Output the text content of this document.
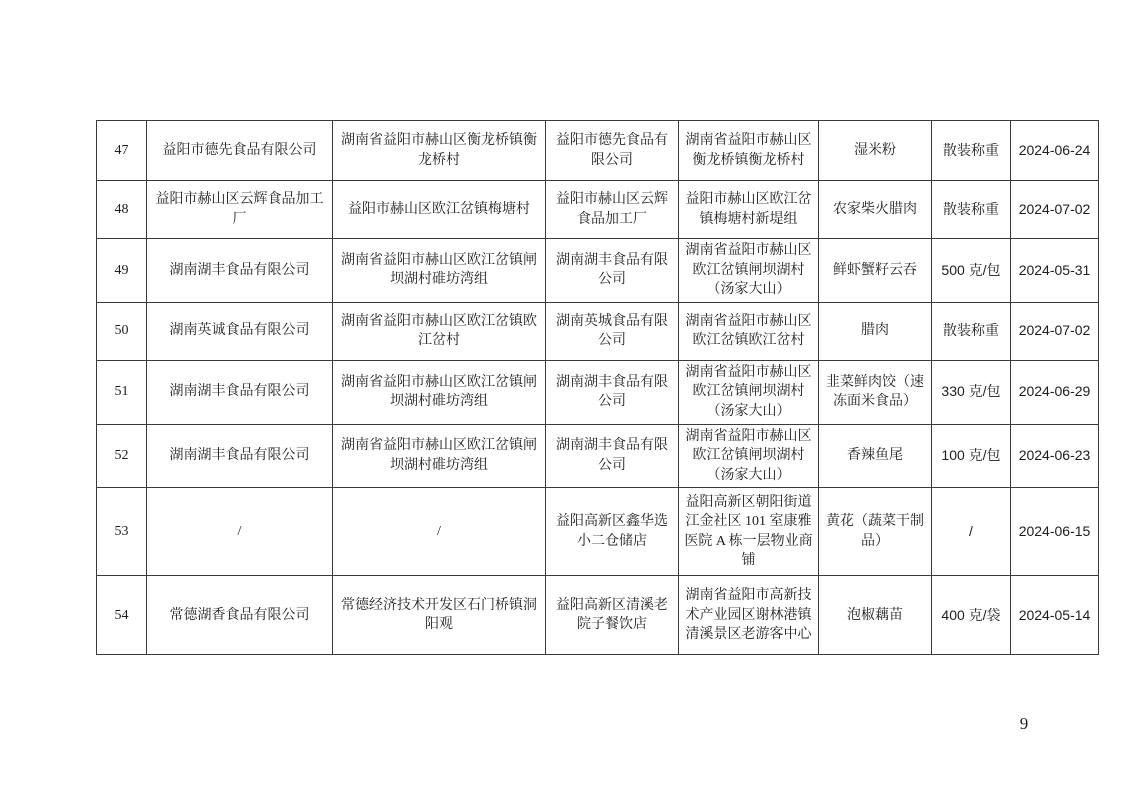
47	益阳市德先食品有限公司	湖南省益阳市赫山区衡龙桥镇衡龙桥村	益阳市德先食品有限公司	湖南省益阳市赫山区衡龙桥镇衡龙桥村	湿米粉	散装称重	2024-06-24
48	益阳市赫山区云辉食品加工厂	益阳市赫山区欧江岔镇梅塘村	益阳市赫山区云辉食品加工厂	益阳市赫山区欧江岔镇梅塘村新堤组	农家柴火腊肉	散装称重	2024-07-02
49	湖南湖丰食品有限公司	湖南省益阳市赫山区欧江岔镇闸坝湖村碓坊湾组	湖南湖丰食品有限公司	湖南省益阳市赫山区欧江岔镇闸坝湖村（汤家大山）	鲜虾蟹籽云吞	500 克/包	2024-05-31
50	湖南英诚食品有限公司	湖南省益阳市赫山区欧江岔镇欧江岔村	湖南英城食品有限公司	湖南省益阳市赫山区欧江岔镇欧江岔村	腊肉	散装称重	2024-07-02
51	湖南湖丰食品有限公司	湖南省益阳市赫山区欧江岔镇闸坝湖村碓坊湾组	湖南湖丰食品有限公司	湖南省益阳市赫山区欧江岔镇闸坝湖村（汤家大山）	韭菜鲜肉饺（速冻面米食品）	330 克/包	2024-06-29
52	湖南湖丰食品有限公司	湖南省益阳市赫山区欧江岔镇闸坝湖村碓坊湾组	湖南湖丰食品有限公司	湖南省益阳市赫山区欧江岔镇闸坝湖村（汤家大山）	香辣鱼尾	100 克/包	2024-06-23
53	/	/	益阳高新区鑫华选小二仓储店	益阳高新区朝阳街道江金社区 101 室康雅医院 A 栋一层物业商铺	黄花（蔬菜干制品）	/	2024-06-15
54	常德湖香食品有限公司	常德经济技术开发区石门桥镇洞阳观	益阳高新区清溪老院子餐饮店	湖南省益阳市高新技术产业园区谢林港镇清溪景区老游客中心	泡椒藕苗	400 克/袋	2024-05-14
9
